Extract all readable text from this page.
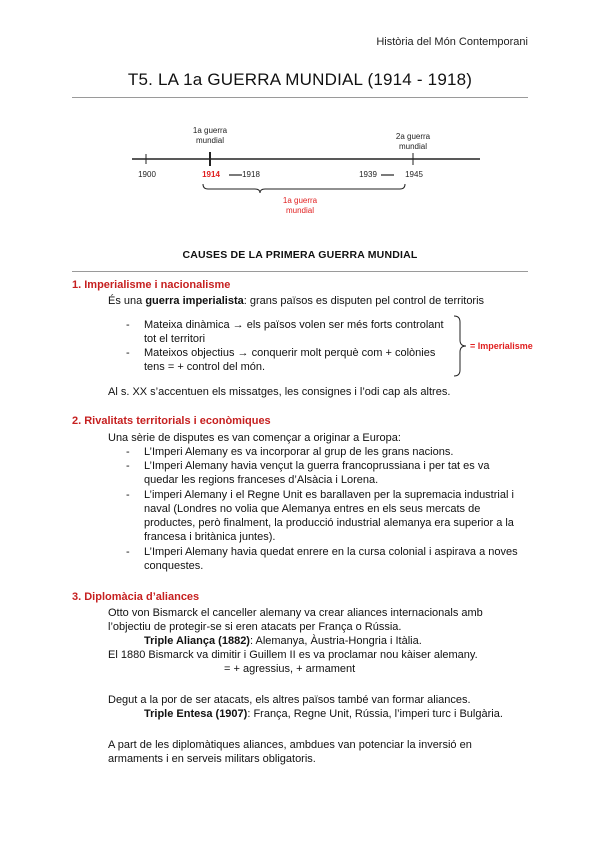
Història del Món Contemporani
T5. LA 1a GUERRA MUNDIAL (1914 - 1918)
1a guerra
mundial	2a guerra
mundial
1900	1914	1918	1939	1945
1a guerra
mundial
CAUSES DE LA PRIMERA GUERRA MUNDIAL
1. Imperialisme i nacionalisme
És una guerra imperialista: grans països es disputen pel control de territoris
- Mateixa dinàmica → els països volen ser més forts controlant
tot el territori
- Mateixos objectius → conquerir molt perquè com + colònies
tens = + control del món.
= Imperialisme
Al s. XX s’accentuen els missatges, les consignes i l’odi cap als altres.
2. Rivalitats territorials i econòmiques
Una sèrie de disputes es van començar a originar a Europa:
- L’Imperi Alemany es va incorporar al grup de les grans nacions.
- L’Imperi Alemany havia vençut la guerra francoprussiana i per tat es va
quedar les regions franceses d’Alsàcia i Lorena.
- L’imperi Alemany i el Regne Unit es barallaven per la supremacia industrial i
naval (Londres no volia que Alemanya entres en els seus mercats de
productes, però finalment, la producció industrial alemanya era superior a la
francesa i britànica juntes).
- L’Imperi Alemany havia quedat enrere en la cursa colonial i aspirava a noves
conquestes.
3. Diplomàcia d’aliances
Otto von Bismarck el canceller alemany va crear aliances internacionals amb
l’objectiu de protegir-se si eren atacats per França o Rússia.
Triple Aliança (1882): Alemanya, Àustria-Hongria i Itàlia.
El 1880 Bismarck va dimitir i Guillem II es va proclamar nou kàiser alemany.
= + agressius, + armament
Degut a la por de ser atacats, els altres països també van formar aliances.
Triple Entesa (1907): França, Regne Unit, Rússia, l’imperi turc i Bulgària.
A part de les diplomàtiques aliances, ambdues van potenciar la inversió en
armaments i en serveis militars obligatoris.
